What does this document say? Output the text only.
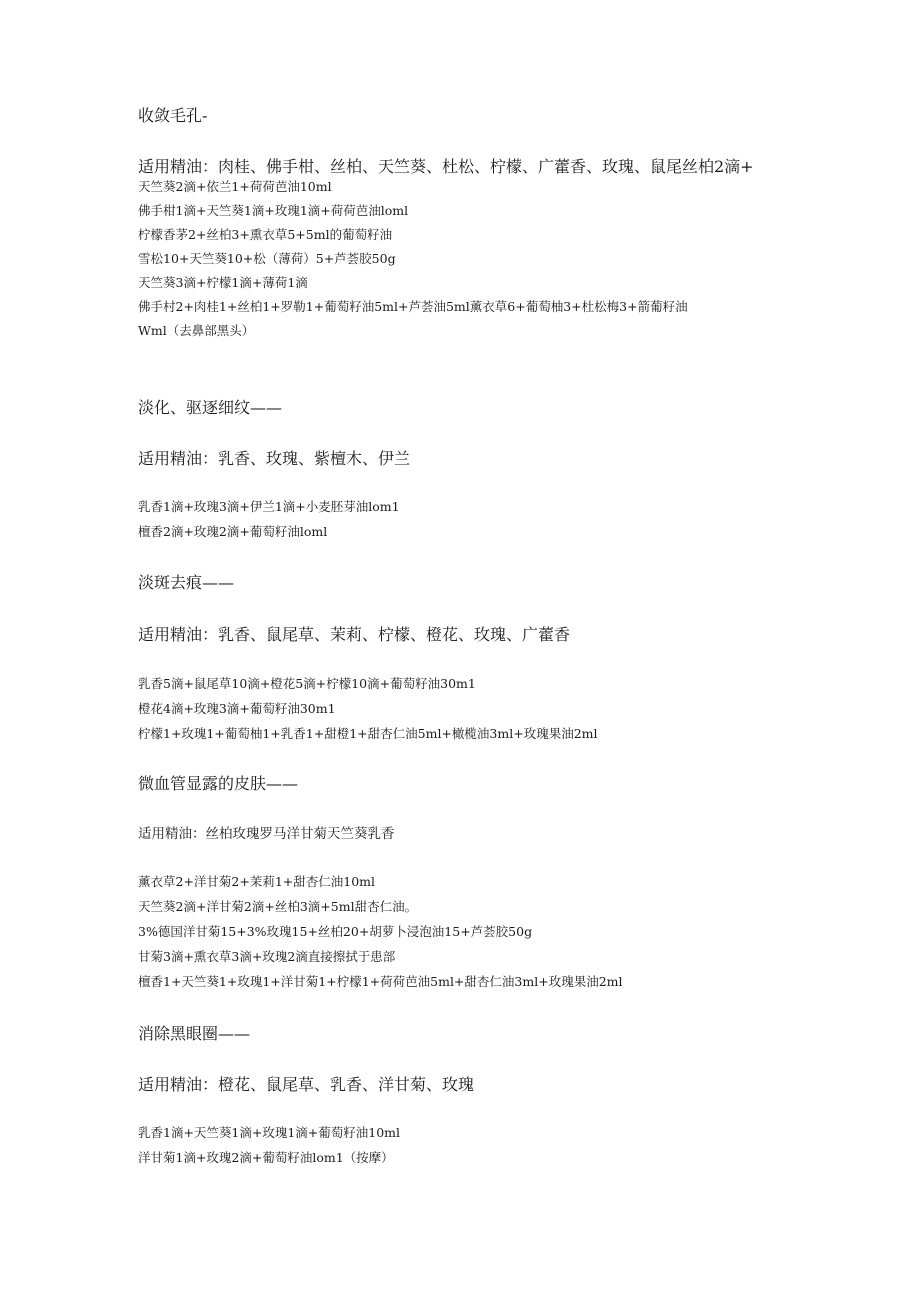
收敛毛孔-
适用精油：肉桂、佛手柑、丝柏、天竺葵、杜松、柠檬、广藿香、玫瑰、鼠尾丝柏2滴+
天竺葵2滴+依兰1+荷荷芭油10ml
佛手柑1滴+天竺葵1滴+玫瑰1滴+荷荷芭油loml
柠檬香茅2+丝柏3+熏衣草5+5ml的葡萄籽油
雪松10+天竺葵10+松（薄荷）5+芦荟胶50g
天竺葵3滴+柠檬1滴+薄荷1滴
佛手村2+肉桂1+丝柏1+罗勒1+葡萄籽油5ml+芦荟油5ml薰衣草6+葡萄柚3+杜松梅3+箭葡籽油
Wml（去鼻部黑头）
淡化、驱逐细纹——
适用精油：乳香、玫瑰、紫檀木、伊兰
乳香1滴+玫瑰3滴+伊兰1滴+小麦胚芽油lom1
檀香2滴+玫瑰2滴+葡萄籽油loml
淡斑去痕——
适用精油：乳香、鼠尾草、茉莉、柠檬、橙花、玫瑰、广藿香
乳香5滴+鼠尾草10滴+橙花5滴+柠檬10滴+葡萄籽油30m1
橙花4滴+玫瑰3滴+葡萄籽油30m1
柠檬1+玫瑰1+葡萄柚1+乳香1+甜橙1+甜杏仁油5ml+橄榄油3ml+玫瑰果油2ml
微血管显露的皮肤——
适用精油：丝柏玫瑰罗马洋甘菊天竺葵乳香
薰衣草2+洋甘菊2+茉莉1+甜杏仁油10ml
天竺葵2滴+洋甘菊2滴+丝柏3滴+5ml甜杏仁油。
3%德国洋甘菊15+3%玫瑰15+丝柏20+胡萝卜浸泡油15+芦荟胶50g
甘菊3滴+熏衣草3滴+玫瑰2滴直接擦拭于患部
檀香1+天竺葵1+玫瑰1+洋甘菊1+柠檬1+荷荷芭油5ml+甜杏仁油3ml+玫瑰果油2ml
消除黑眼圈——
适用精油：橙花、鼠尾草、乳香、洋甘菊、玫瑰
乳香1滴+天竺葵1滴+玫瑰1滴+葡萄籽油10ml
洋甘菊1滴+玫瑰2滴+葡萄籽油lom1（按摩）
